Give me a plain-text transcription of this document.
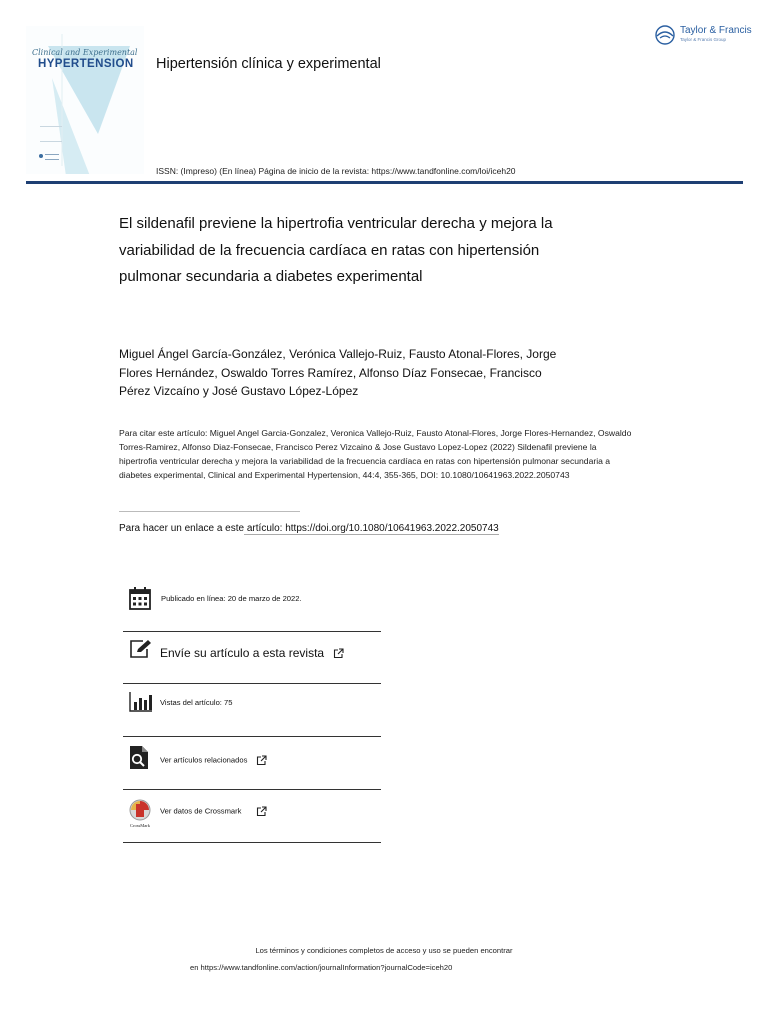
Clinical and Experimental
HYPERTENSION Hipertensión clínica y experimental
Taylor & Francis
Taylor & Francis Group
ISSN: (Impreso) (En línea) Página de inicio de la revista: https://www.tandfonline.com/loi/iceh20
El sildenafil previene la hipertrofia ventricular derecha y mejora la variabilidad de la frecuencia cardíaca en ratas con hipertensión pulmonar secundaria a diabetes experimental
Miguel Ángel García-González, Verónica Vallejo-Ruiz, Fausto Atonal-Flores, Jorge Flores Hernández, Oswaldo Torres Ramírez, Alfonso Díaz Fonsecae, Francisco Pérez Vizcaíno y José Gustavo López-López
Para citar este artículo: Miguel Angel Garcia-Gonzalez, Veronica Vallejo-Ruiz, Fausto Atonal-Flores, Jorge Flores-Hernandez, Oswaldo Torres-Ramirez, Alfonso Diaz-Fonsecae, Francisco Perez Vizcaino & Jose Gustavo Lopez-Lopez (2022) Sildenafil previene la hipertrofia ventricular derecha y mejora la variabilidad de la frecuencia cardíaca en ratas con hipertensión pulmonar secundaria a diabetes experimental, Clinical and Experimental Hypertension, 44:4, 355-365, DOI: 10.1080/10641963.2022.2050743
Para hacer un enlace a este artículo: https://doi.org/10.1080/10641963.2022.2050743
Publicado en línea: 20 de marzo de 2022.
Envíe su artículo a esta revista
Vistas del artículo: 75
Ver artículos relacionados
CrossMark
Ver datos de Crossmark
Los términos y condiciones completos de acceso y uso se pueden encontrar
en https://www.tandfonline.com/action/journalInformation?journalCode=iceh20
